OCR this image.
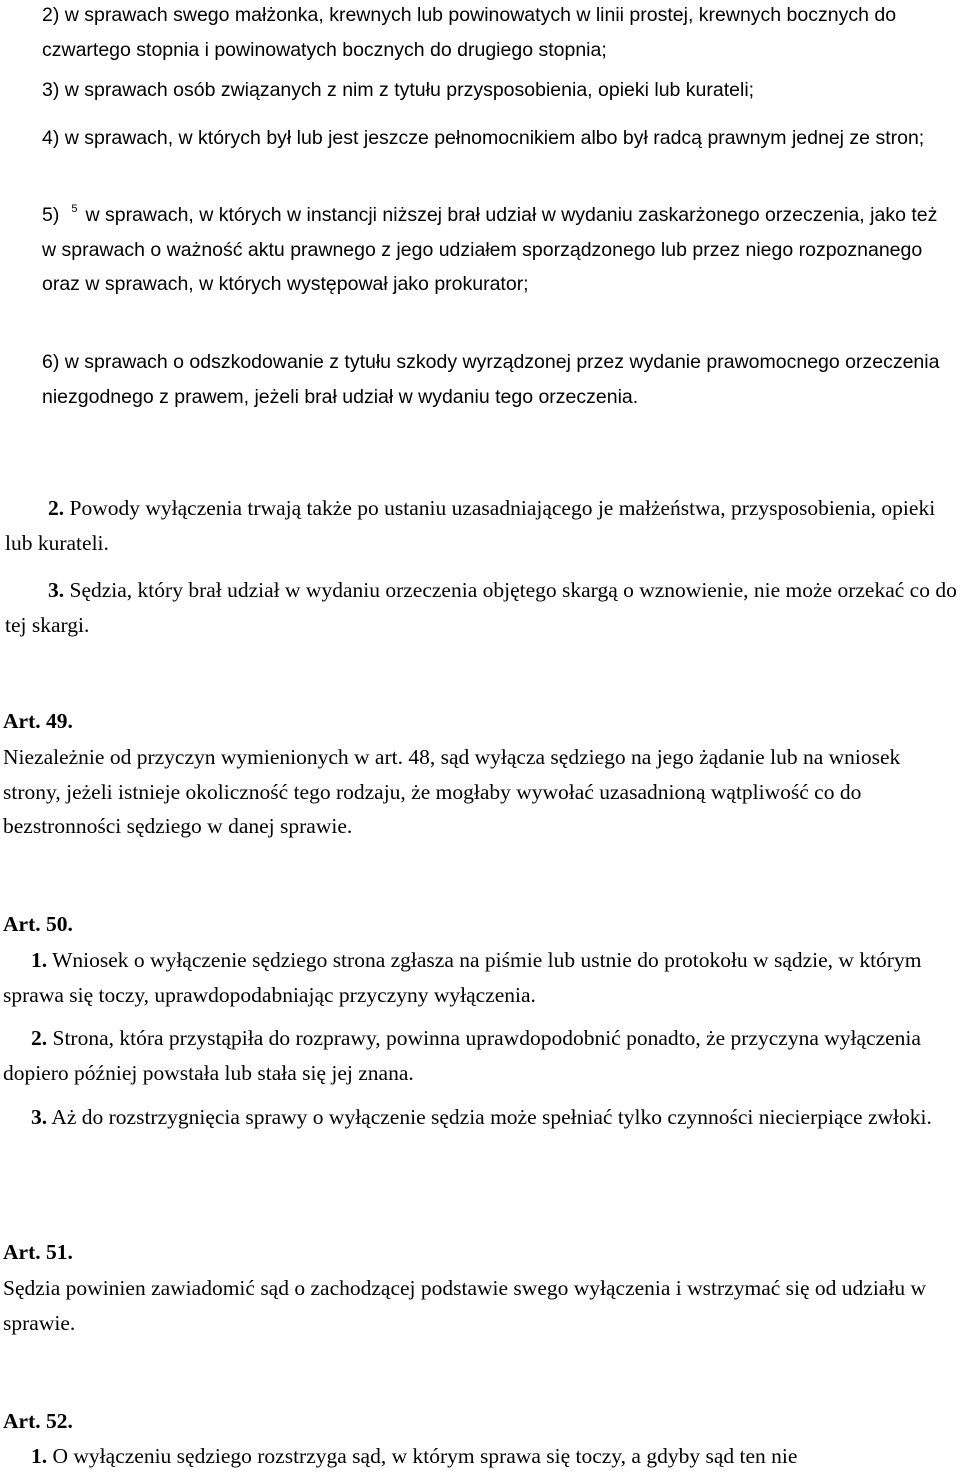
2) w sprawach swego małżonka, krewnych lub powinowatych w linii prostej, krewnych bocznych do czwartego stopnia i powinowatych bocznych do drugiego stopnia;

3) w sprawach osób związanych z nim z tytułu przysposobienia, opieki lub kurateli;

4) w sprawach, w których był lub jest jeszcze pełnomocnikiem albo był radcą prawnym jednej ze stron;

5) $^5$ w sprawach, w których w instancji niższej brał udział w wydaniu zaskarżonego orzeczenia, jako też w sprawach o ważność aktu prawnego z jego udziałem sporządzonego lub przez niego rozpoznanego oraz w sprawach, w których występował jako prokurator;

6) w sprawach o odszkodowanie z tytułu szkody wyrządzonej przez wydanie prawomocnego orzeczenia niezgodnego z prawem, jeżeli brał udział w wydaniu tego orzeczenia.

2. Powody wyłączenia trwają także po ustaniu uzasadniającego je małżeństwa, przysposobienia, opieki lub kurateli.

3. Sędzia, który brał udział w wydaniu orzeczenia objętego skargą o wznowienie, nie może orzekać co do tej skargi.

Art. 49.

Niezależnie od przyczyn wymienionych w art. 48, sąd wyłącza sędziego na jego żądanie lub na wniosek strony, jeżeli istnieje okoliczność tego rodzaju, że mogłaby wywołać uzasadnioną wątpliwość co do bezstronności sędziego w danej sprawie.

Art. 50.

1. Wniosek o wyłączenie sędziego strona zgłasza na piśmie lub ustnie do protokołu w sądzie, w którym sprawa się toczy, uprawdopodabniając przyczyny wyłączenia.

2. Strona, która przystąpiła do rozprawy, powinna uprawdopodobnić ponadto, że przyczyna wyłączenia dopiero później powstała lub stała się jej znana.

3. Aż do rozstrzygnięcia sprawy o wyłączenie sędzia może spełniać tylko czynności niecierpiące zwłoki.

Art. 51.

Sędzia powinien zawiadomić sąd o zachodzącej podstawie swego wyłączenia i wstrzymać się od udziału w sprawie.

Art. 52.

1. O wyłączeniu sędziego rozstrzyga sąd, w którym sprawa się toczy, a gdyby sąd ten nie
